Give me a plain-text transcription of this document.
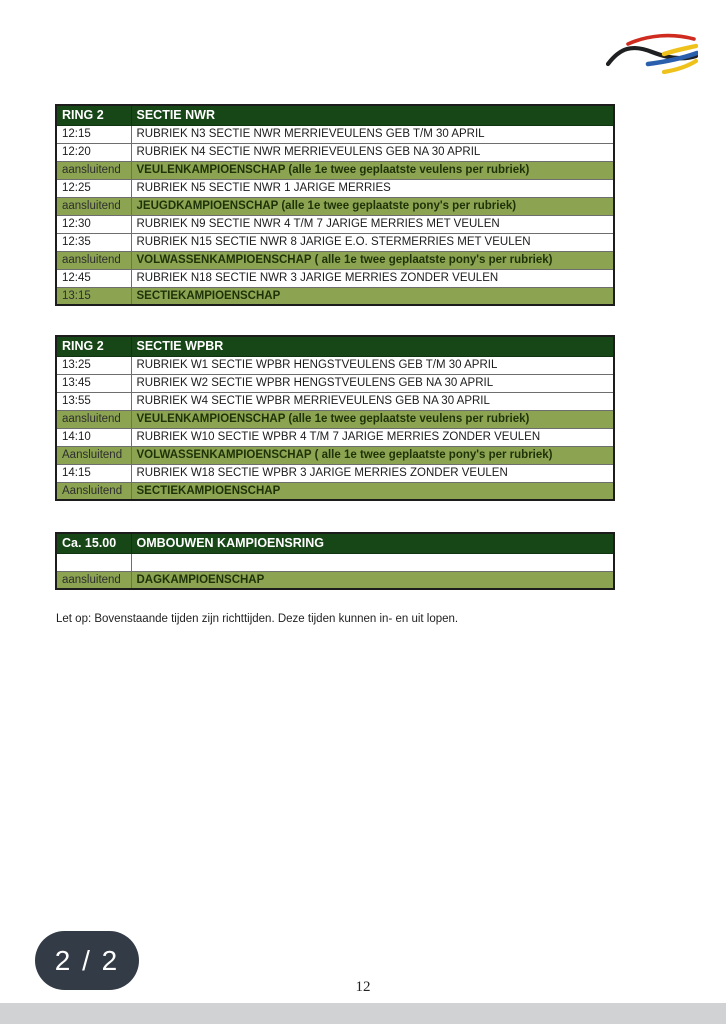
RING 2	SECTIE NWR
12:15	RUBRIEK N3 SECTIE NWR MERRIEVEULENS GEB T/M 30 APRIL
12:20	RUBRIEK N4 SECTIE NWR MERRIEVEULENS GEB NA 30 APRIL
aansluitend	VEULENKAMPIOENSCHAP (alle 1e twee geplaatste veulens per rubriek)
12:25	RUBRIEK N5 SECTIE NWR 1 JARIGE MERRIES
aansluitend	JEUGDKAMPIOENSCHAP (alle 1e twee geplaatste pony's per rubriek)
12:30	RUBRIEK N9 SECTIE NWR 4 T/M 7 JARIGE MERRIES MET VEULEN
12:35	RUBRIEK N15 SECTIE NWR 8 JARIGE E.O. STERMERRIES MET VEULEN
aansluitend	VOLWASSENKAMPIOENSCHAP ( alle 1e twee geplaatste pony's per rubriek)
12:45	RUBRIEK N18 SECTIE NWR 3 JARIGE MERRIES ZONDER VEULEN
13:15	SECTIEKAMPIOENSCHAP
RING 2	SECTIE WPBR
13:25	RUBRIEK W1 SECTIE WPBR HENGSTVEULENS GEB T/M 30 APRIL
13:45	RUBRIEK W2 SECTIE WPBR HENGSTVEULENS GEB NA 30 APRIL
13:55	RUBRIEK W4 SECTIE WPBR MERRIEVEULENS GEB NA 30 APRIL
aansluitend	VEULENKAMPIOENSCHAP (alle 1e twee geplaatste veulens per rubriek)
14:10	RUBRIEK W10 SECTIE WPBR 4 T/M 7 JARIGE MERRIES ZONDER VEULEN
Aansluitend	VOLWASSENKAMPIOENSCHAP ( alle 1e twee geplaatste pony's per rubriek)
14:15	RUBRIEK W18 SECTIE WPBR 3 JARIGE MERRIES ZONDER VEULEN
Aansluitend	SECTIEKAMPIOENSCHAP
Ca. 15.00	OMBOUWEN KAMPIOENSRING

aansluitend	DAGKAMPIOENSCHAP
Let op: Bovenstaande tijden zijn richttijden. Deze tijden kunnen in- en uit lopen.
2 / 2
12
